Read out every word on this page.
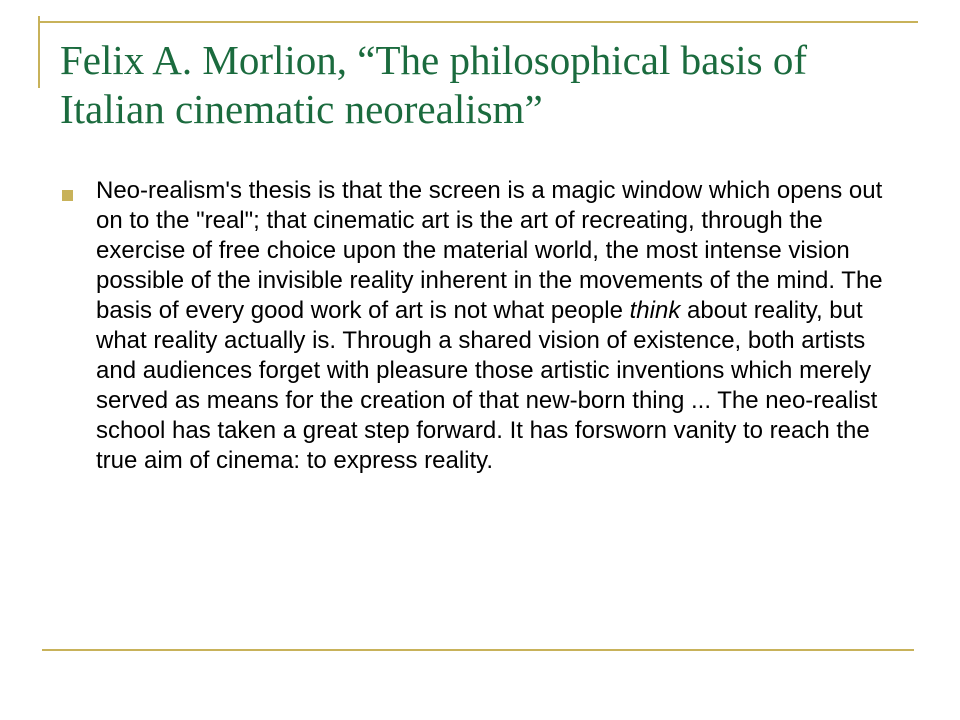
Felix A. Morlion, “The philosophical basis of Italian cinematic neorealism”
Neo-realism's thesis is that the screen is a magic window which opens out on to the "real"; that cinematic art is the art of recreating, through the exercise of free choice upon the material world, the most intense vision possible of the invisible reality inherent in the movements of the mind. The basis of every good work of art is not what people think about reality, but what reality actually is. Through a shared vision of existence, both artists and audiences forget with pleasure those artistic inventions which merely served as means for the creation of that new-born thing ... The neo-realist school has taken a great step forward. It has forsworn vanity to reach the true aim of cinema: to express reality.
